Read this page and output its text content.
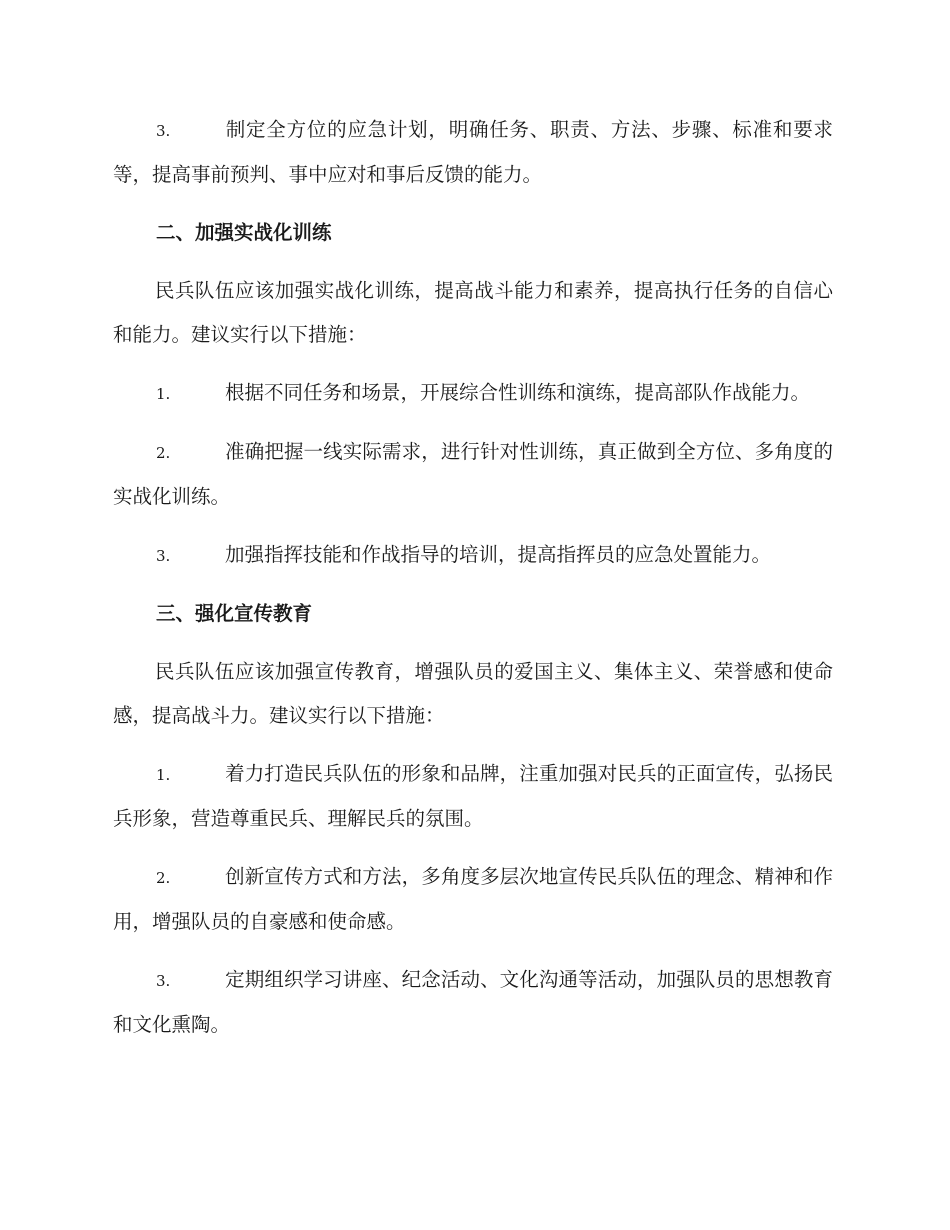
3.	制定全方位的应急计划，明确任务、职责、方法、步骤、标准和要求等，提高事前预判、事中应对和事后反馈的能力。

二、加强实战化训练

民兵队伍应该加强实战化训练，提高战斗能力和素养，提高执行任务的自信心和能力。建议实行以下措施：

1.	根据不同任务和场景，开展综合性训练和演练，提高部队作战能力。

2.	准确把握一线实际需求，进行针对性训练，真正做到全方位、多角度的实战化训练。

3.	加强指挥技能和作战指导的培训，提高指挥员的应急处置能力。

三、强化宣传教育

民兵队伍应该加强宣传教育，增强队员的爱国主义、集体主义、荣誉感和使命感，提高战斗力。建议实行以下措施：

1.	着力打造民兵队伍的形象和品牌，注重加强对民兵的正面宣传，弘扬民兵形象，营造尊重民兵、理解民兵的氛围。

2.	创新宣传方式和方法，多角度多层次地宣传民兵队伍的理念、精神和作用，增强队员的自豪感和使命感。

3.	定期组织学习讲座、纪念活动、文化沟通等活动，加强队员的思想教育和文化熏陶。
